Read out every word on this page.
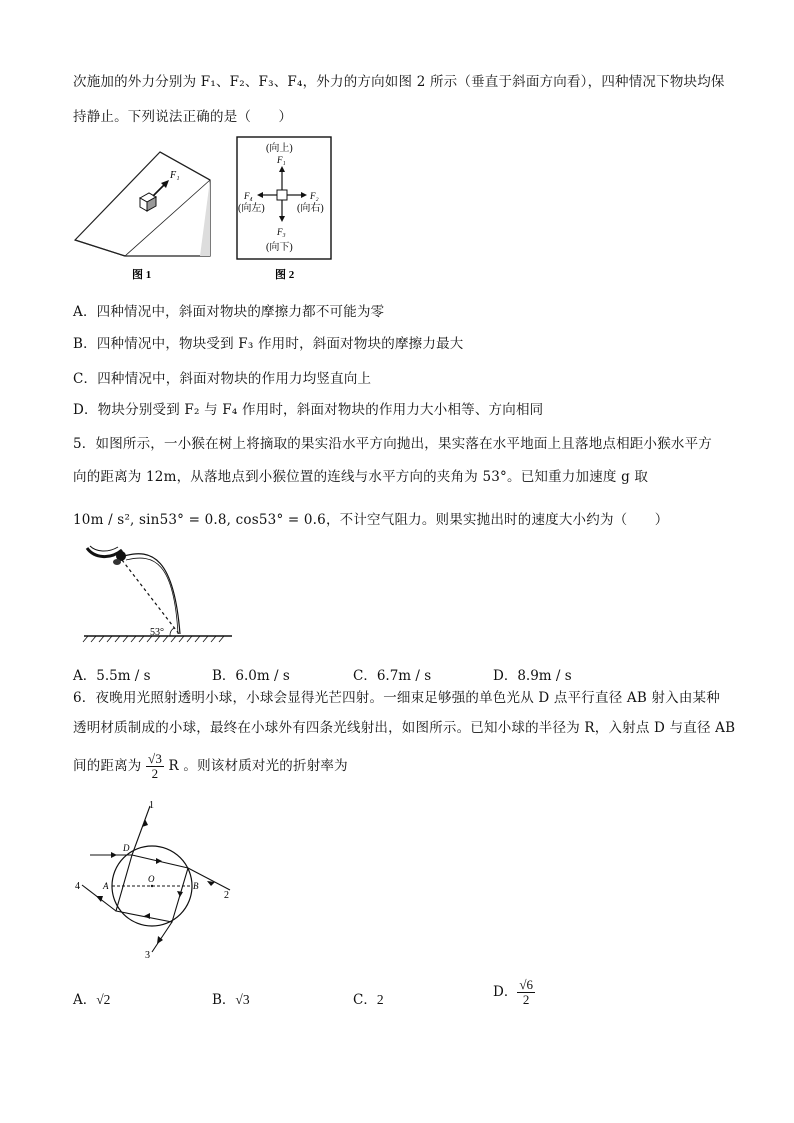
次施加的外力分别为 F₁、F₂、F₃、F₄，外力的方向如图 2 所示（垂直于斜面方向看），四种情况下物块均保
持静止。下列说法正确的是（　　）
F₁
图 1
(向上)
F₁
F₄
(向左)
F₂
(向右)
F₃
(向下)
图 2
A．四种情况中，斜面对物块的摩擦力都不可能为零
B．四种情况中，物块受到 F₃ 作用时，斜面对物块的摩擦力最大
C．四种情况中，斜面对物块的作用力均竖直向上
D．物块分别受到 F₂ 与 F₄ 作用时，斜面对物块的作用力大小相等、方向相同
5．如图所示，一小猴在树上将摘取的果实沿水平方向抛出，果实落在水平地面上且落地点相距小猴水平方
向的距离为 12m，从落地点到小猴位置的连线与水平方向的夹角为 53°。已知重力加速度 g 取
10m / s², sin53° = 0.8, cos53° = 0.6，不计空气阻力。则果实抛出时的速度大小约为（　　）
53°
A．5.5m / s	B．6.0m / s	C．6.7m / s	D．8.9m / s
6．夜晚用光照射透明小球，小球会显得光芒四射。一细束足够强的单色光从 D 点平行直径 AB 射入由某种
透明材质制成的小球，最终在小球外有四条光线射出，如图所示。已知小球的半径为 R，入射点 D 与直径 AB
间的距离为 $\frac{√3}{2}$ R 。则该材质对光的折射率为
1
2
3
4
D
A	B
O
A．√2	B．√3	C．2	D． $\frac{√6}{2}$
